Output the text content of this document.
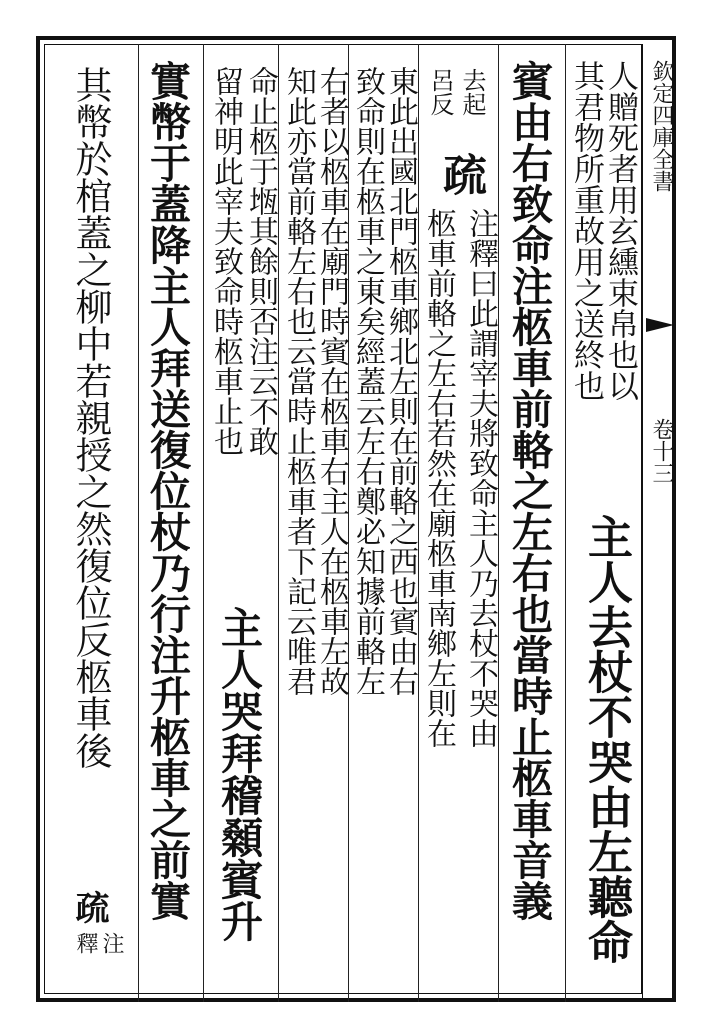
欽定四庫全書
卷十三
人贈死者用玄纁束帛也以
其君物所重故用之送終也
主人去杖不哭由左聽命
賓由右致命注柩車前輅之左右也當時止柩車音義
去起
呂反
疏
注釋曰此謂宰夫將致命主人乃去杖不哭由
柩車前輅之左右若然在廟柩車南鄉左則在
東此出國北門柩車鄉北左則在前輅之西也賓由右
致命則在柩車之東矣經蓋云左右鄭必知據前輅左
右者以柩車在廟門時賓在柩車右主人在柩車左故
知此亦當前輅左右也云當時止柩車者下記云唯君
命止柩于堩其餘則否注云不敢
留神明此宰夫致命時柩車止也
主人哭拜稽顙賓升
實幣于蓋降主人拜送復位杖乃行注升柩車之前實
其幣於棺蓋之柳中若親授之然復位反柩車後
疏
注
釋
